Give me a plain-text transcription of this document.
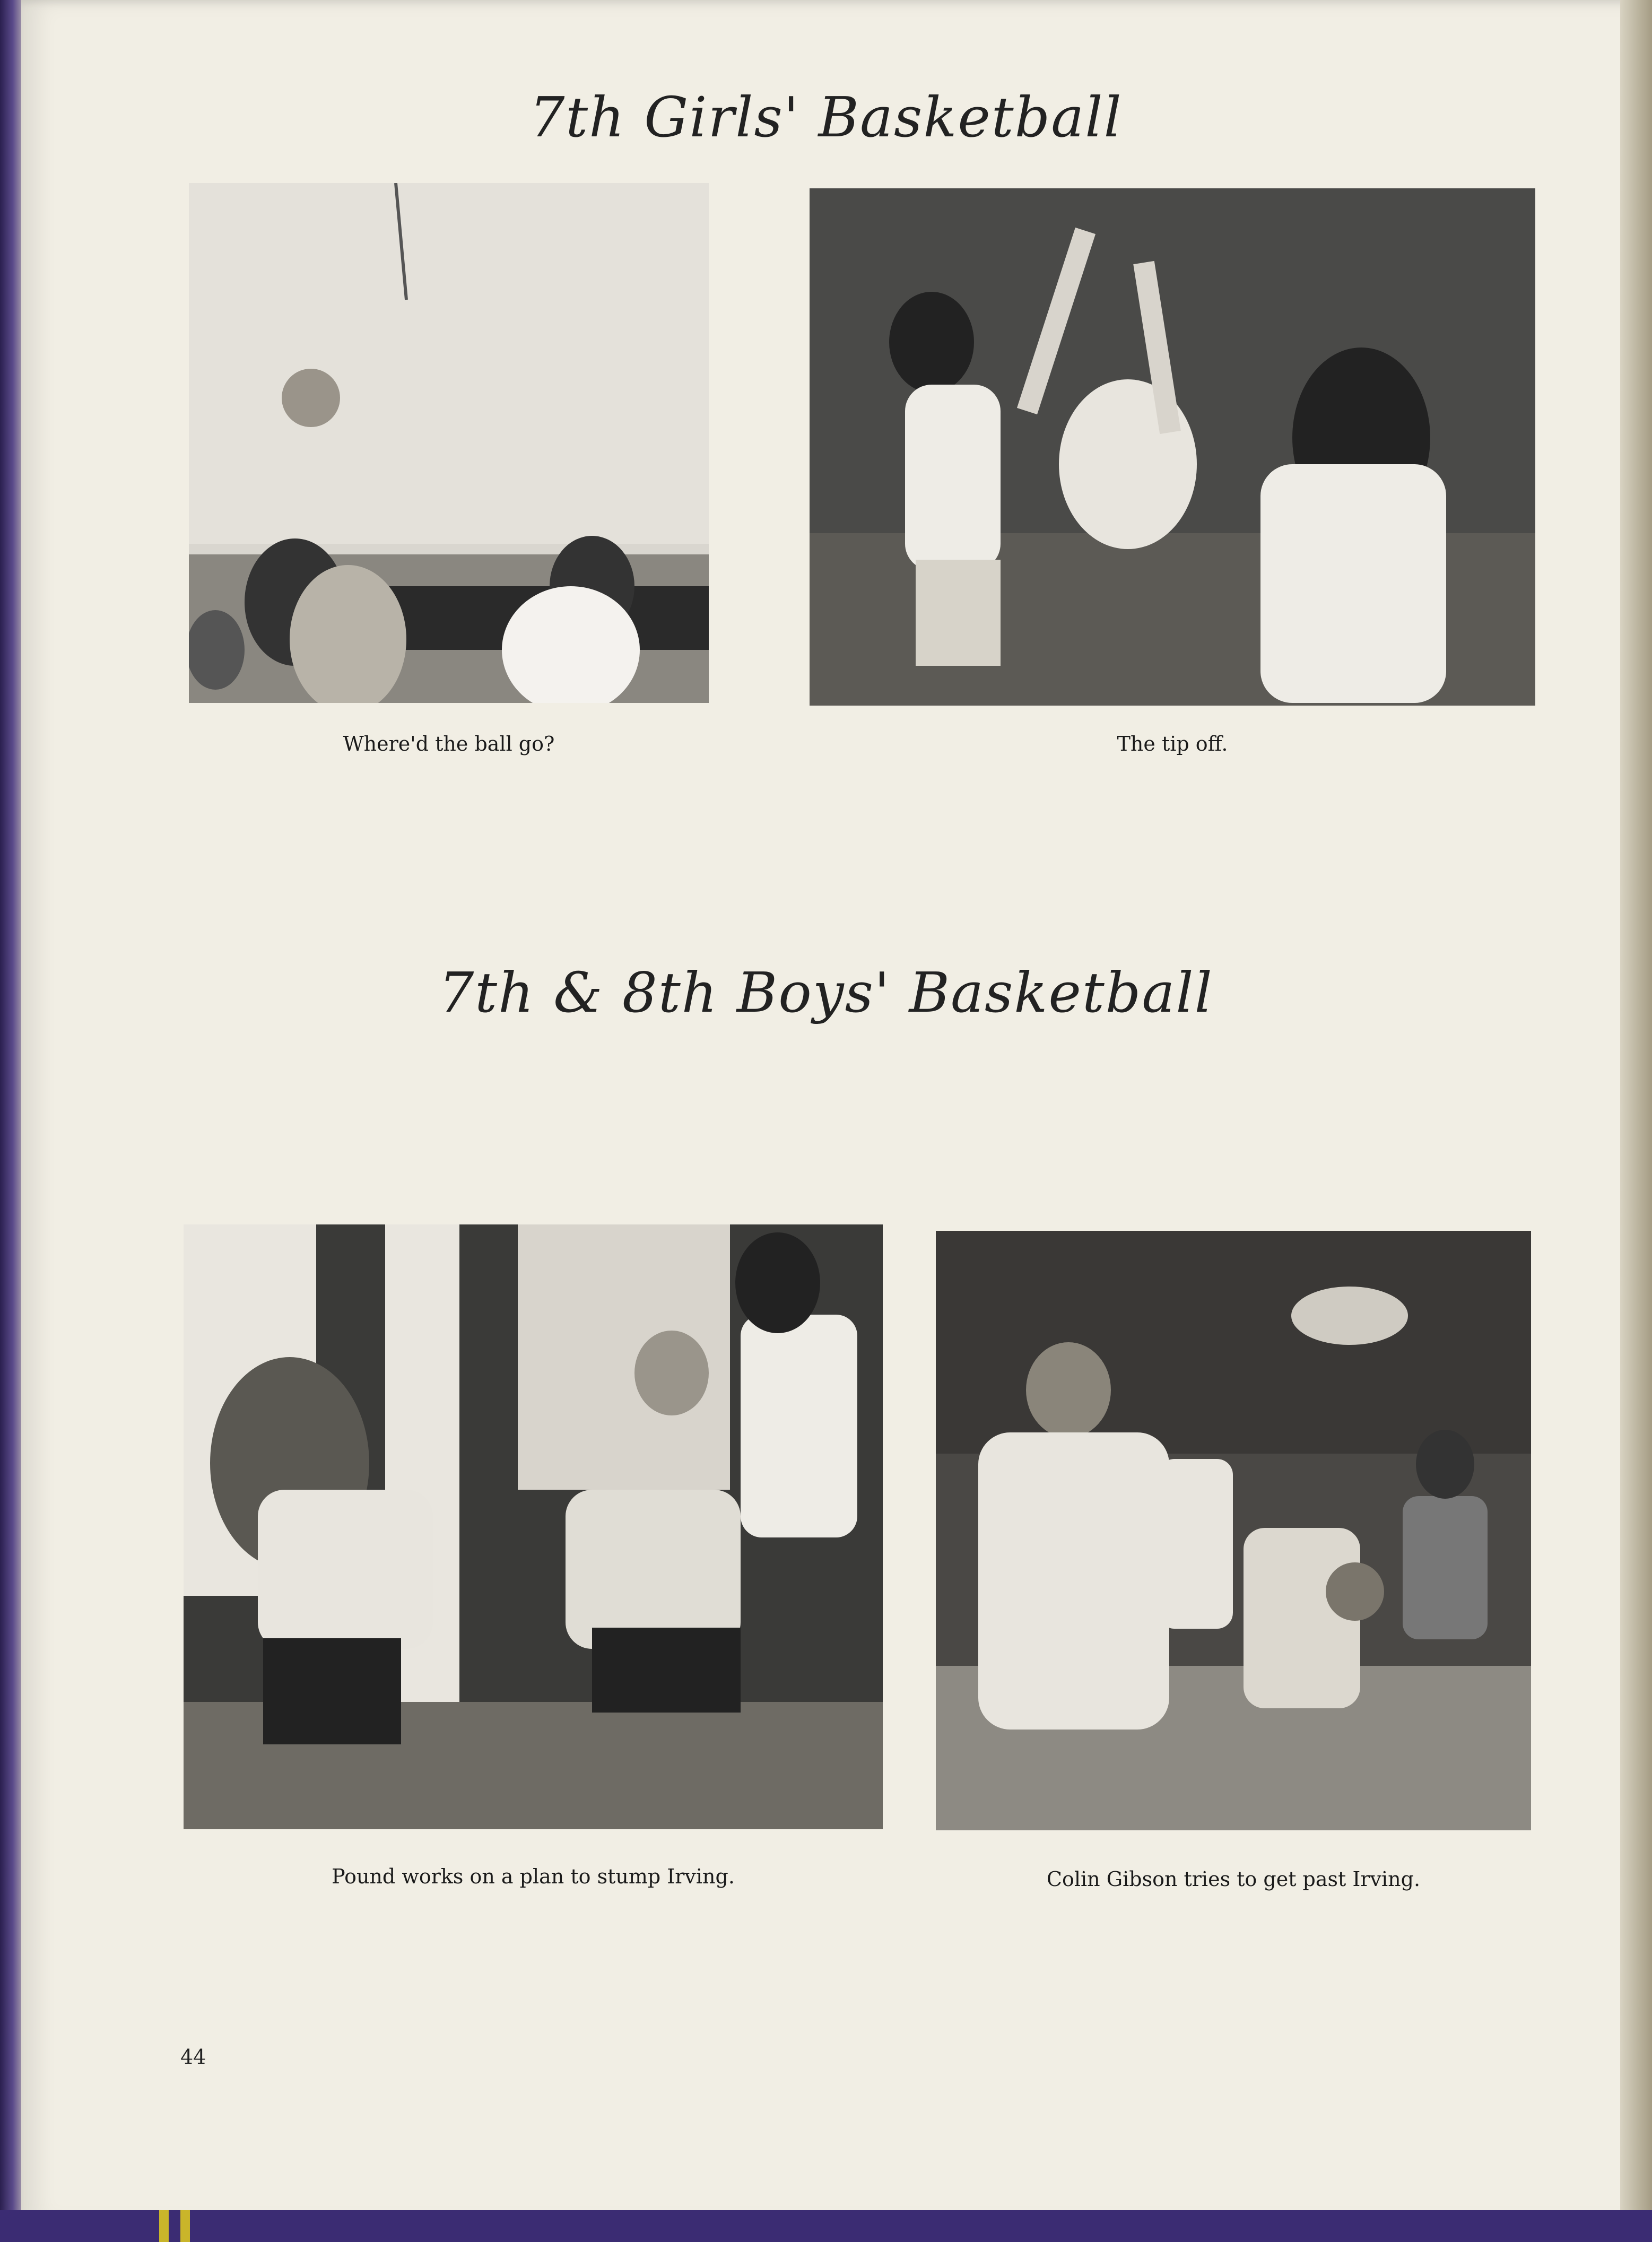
7th Girls' Basketball
Where'd the ball go?	The tip off.
7th & 8th Boys' Basketball
Pound works on a plan to stump Irving.	Colin Gibson tries to get past Irving.
44
